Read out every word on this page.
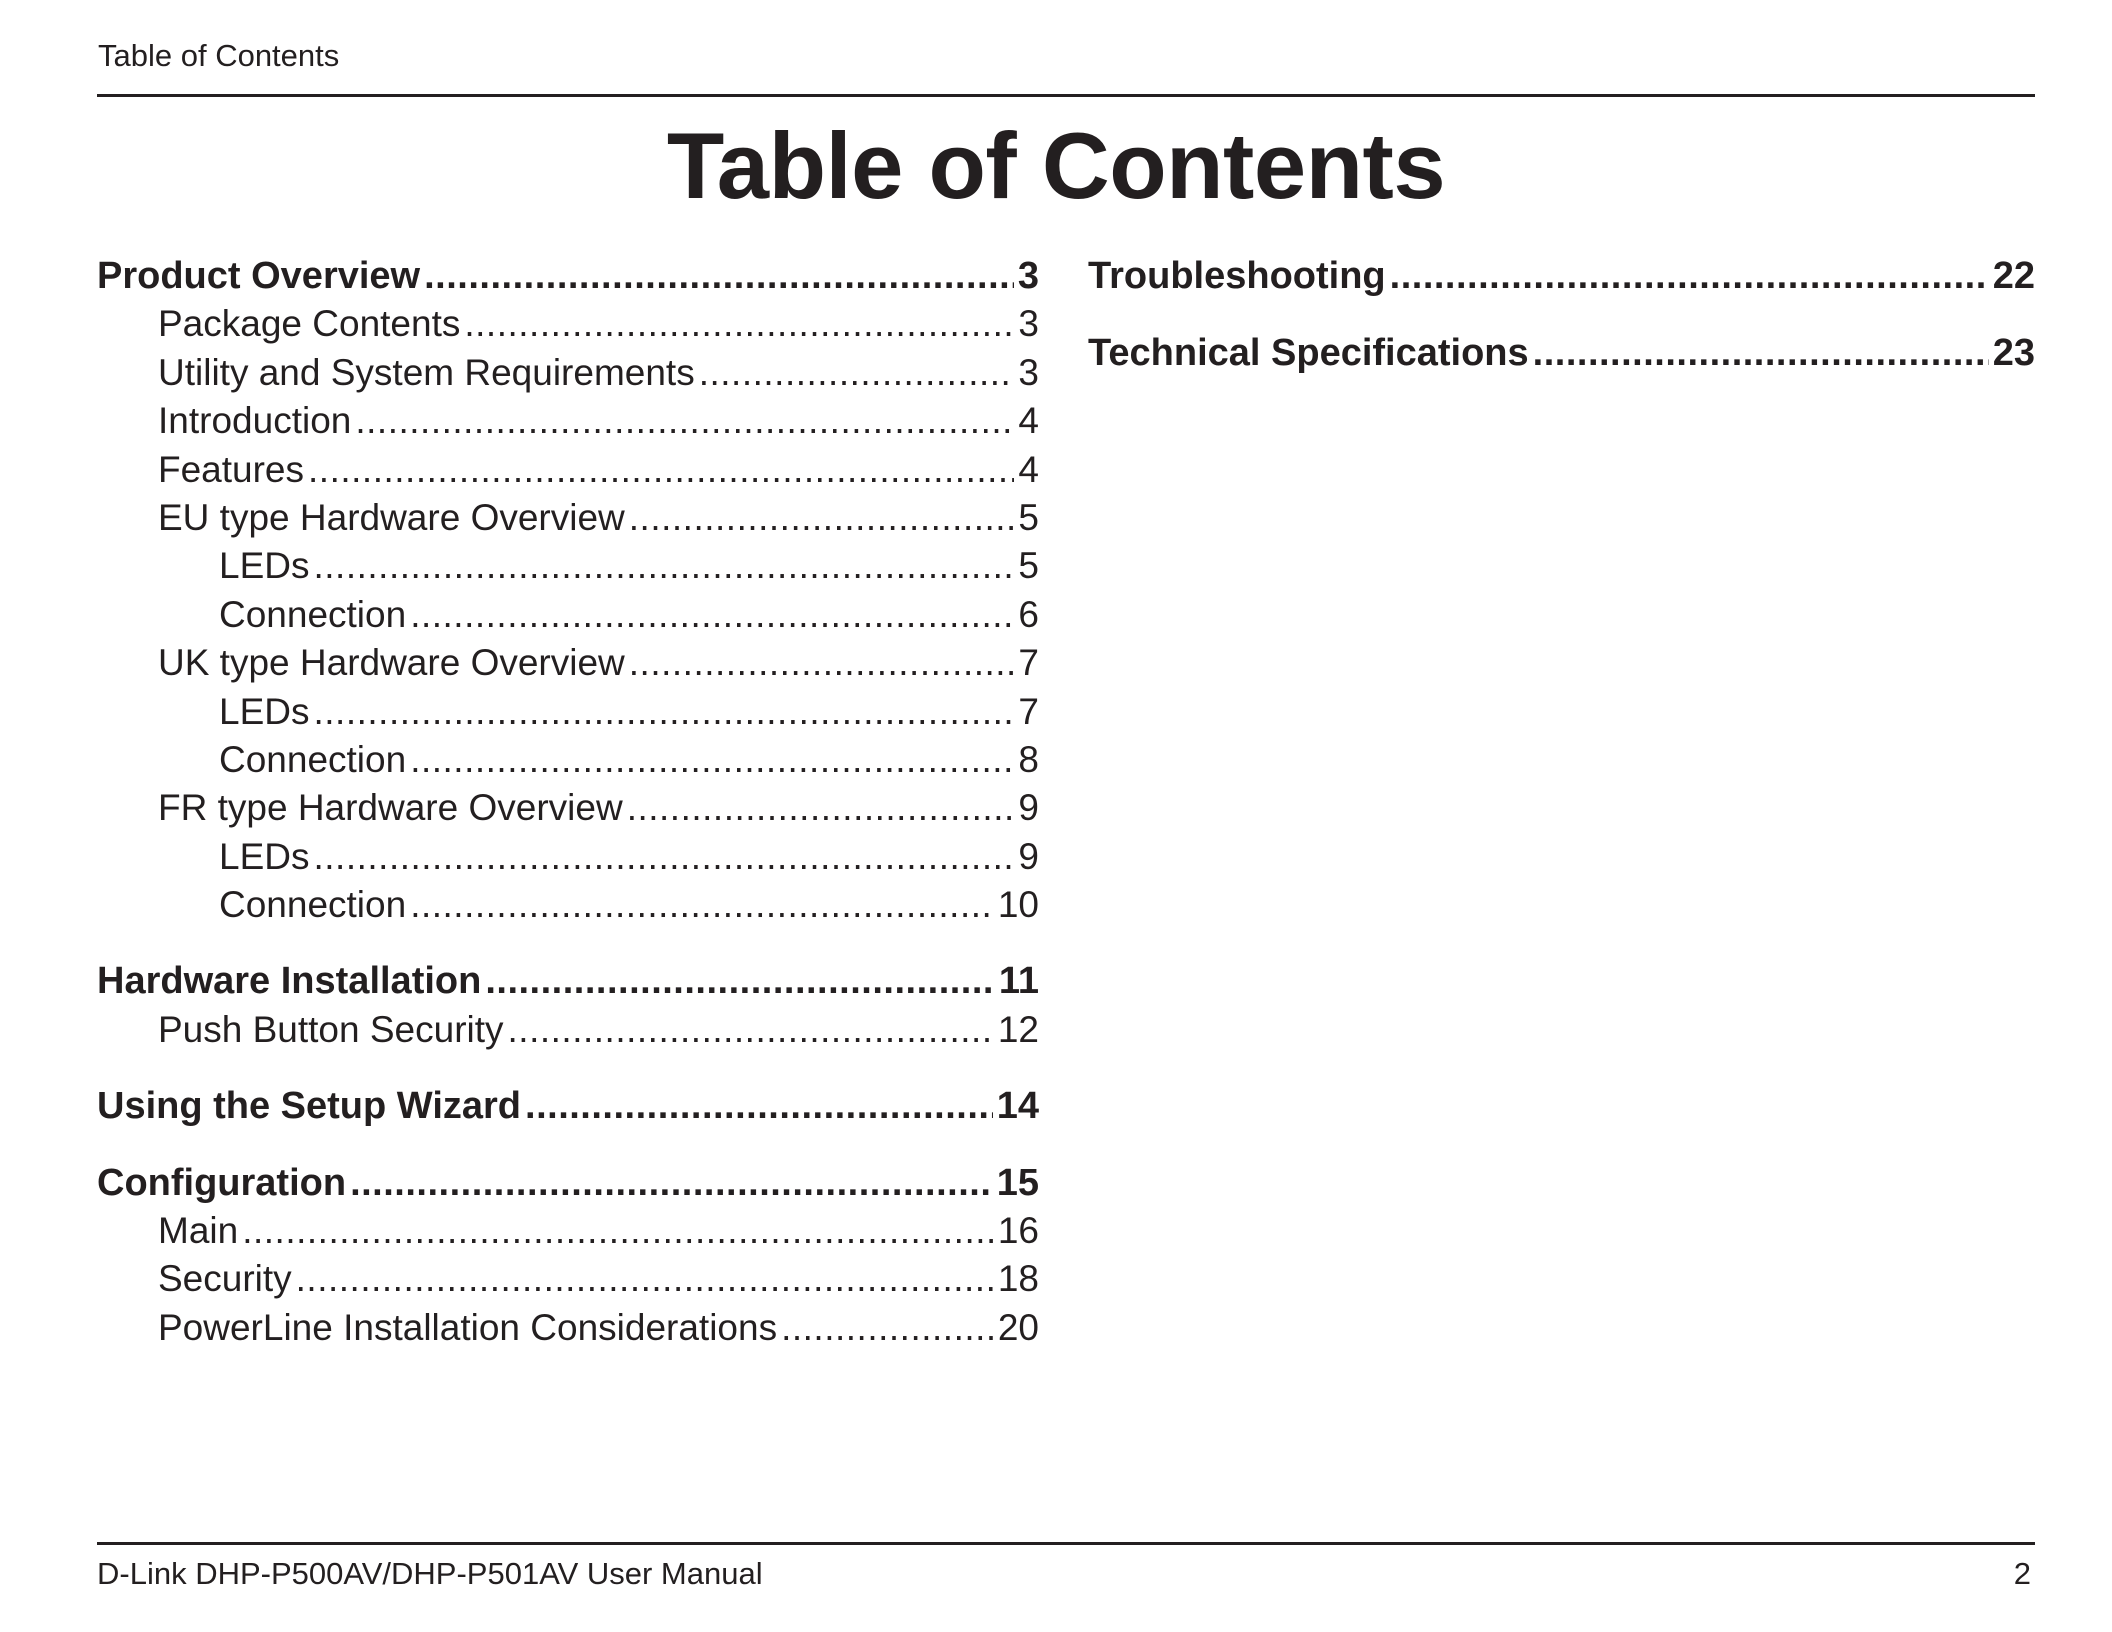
Table of Contents
Table of Contents
Product Overview .....	3
Package Contents .....	3
Utility and System Requirements .....	3
Introduction .....	4
Features .....	4
EU type Hardware Overview .....	5
LEDs .....	5
Connection .....	6
UK type Hardware Overview .....	7
LEDs .....	7
Connection .....	8
FR type Hardware Overview .....	9
LEDs .....	9
Connection .....	10
Hardware Installation .....	11
Push Button Security .....	12
Using the Setup Wizard .....	14
Configuration .....	15
Main .....	16
Security .....	18
PowerLine Installation Considerations .....	20
Troubleshooting .....	22
Technical Specifications .....	23
D-Link DHP-P500AV/DHP-P501AV User Manual	2
